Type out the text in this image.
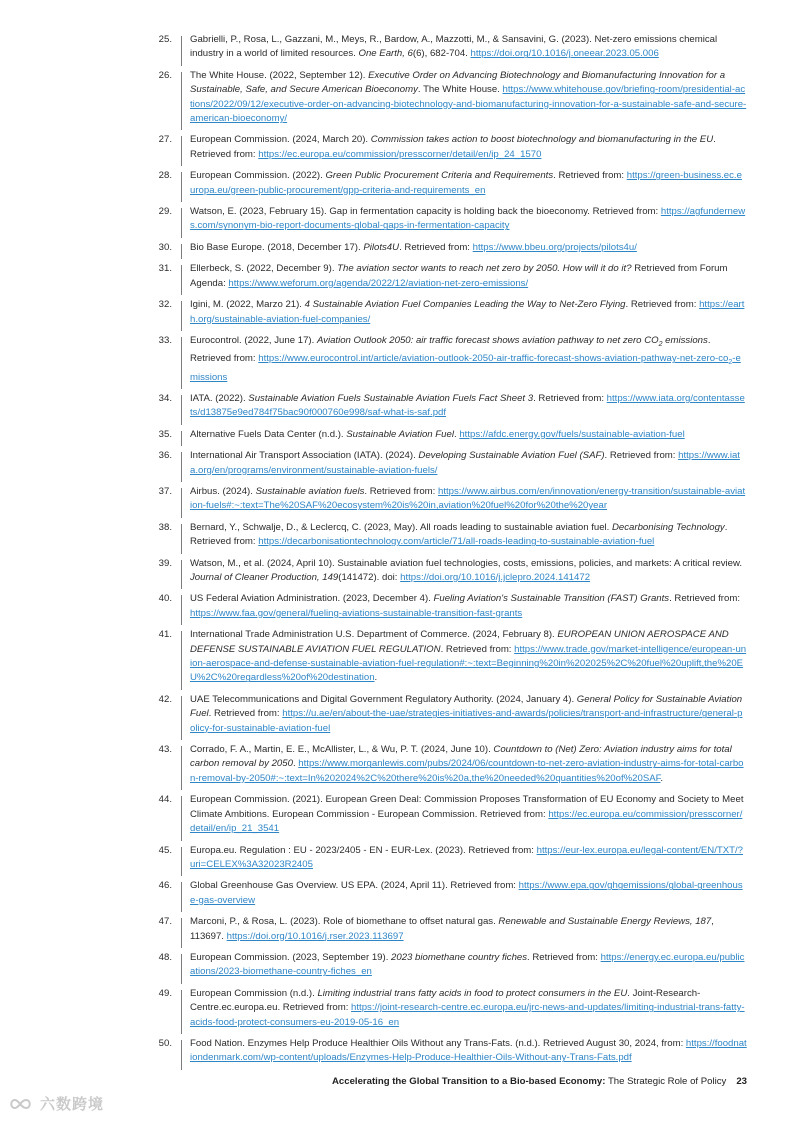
25. Gabrielli, P., Rosa, L., Gazzani, M., Meys, R., Bardow, A., Mazzotti, M., & Sansavini, G. (2023). Net-zero emissions chemical industry in a world of limited resources. One Earth, 6(6), 682-704. https://doi.org/10.1016/j.oneear.2023.05.006
26. The White House. (2022, September 12). Executive Order on Advancing Biotechnology and Biomanufacturing Innovation for a Sustainable, Safe, and Secure American Bioeconomy. The White House. https://www.whitehouse.gov/briefing-room/presidential-actions/2022/09/12/executive-order-on-advancing-biotechnology-and-biomanufacturing-innovation-for-a-sustainable-safe-and-secure-american-bioeconomy/
27. European Commission. (2024, March 20). Commission takes action to boost biotechnology and biomanufacturing in the EU. Retrieved from: https://ec.europa.eu/commission/presscorner/detail/en/ip_24_1570
28. European Commission. (2022). Green Public Procurement Criteria and Requirements. Retrieved from: https://green-business.ec.europa.eu/green-public-procurement/gpp-criteria-and-requirements_en
29. Watson, E. (2023, February 15). Gap in fermentation capacity is holding back the bioeconomy. Retrieved from: https://agfundernews.com/synonym-bio-report-documents-global-gaps-in-fermentation-capacity
30. Bio Base Europe. (2018, December 17). Pilots4U. Retrieved from: https://www.bbeu.org/projects/pilots4u/
31. Ellerbeck, S. (2022, December 9). The aviation sector wants to reach net zero by 2050. How will it do it? Retrieved from Forum Agenda: https://www.weforum.org/agenda/2022/12/aviation-net-zero-emissions/
32. Igini, M. (2022, Marzo 21). 4 Sustainable Aviation Fuel Companies Leading the Way to Net-Zero Flying. Retrieved from: https://earth.org/sustainable-aviation-fuel-companies/
33. Eurocontrol. (2022, June 17). Aviation Outlook 2050: air traffic forecast shows aviation pathway to net zero $CO_2$ emissions. Retrieved from: $https://www.eurocontrol.int/article/aviation-outlook-2050-air-traffic-forecast-shows-aviation-pathway-net-zero-co_2$-emissions
34. IATA. (2022). Sustainable Aviation Fuels Sustainable Aviation Fuels Fact Sheet 3. Retrieved from: https://www.iata.org/contentassets/d13875e9ed784f75bac90f000760e998/saf-what-is-saf.pdf
35. Alternative Fuels Data Center (n.d.). Sustainable Aviation Fuel. https://afdc.energy.gov/fuels/sustainable-aviation-fuel
36. International Air Transport Association (IATA). (2024). Developing Sustainable Aviation Fuel (SAF). Retrieved from: https://www.iata.org/en/programs/environment/sustainable-aviation-fuels/
37. Airbus. (2024). Sustainable aviation fuels. Retrieved from: https://www.airbus.com/en/innovation/energy-transition/sustainable-aviation-fuels#:~:text=The%20SAF%20ecosystem%20is%20in,aviation%20fuel%20for%20the%20year
38. Bernard, Y., Schwalje, D., & Leclercq, C. (2023, May). All roads leading to sustainable aviation fuel. Decarbonising Technology. Retrieved from: https://decarbonisationtechnology.com/article/71/all-roads-leading-to-sustainable-aviation-fuel
39. Watson, M., et al. (2024, April 10). Sustainable aviation fuel technologies, costs, emissions, policies, and markets: A critical review. Journal of Cleaner Production, 149(141472). doi: https://doi.org/10.1016/j.jclepro.2024.141472
40. US Federal Aviation Administration. (2023, December 4). Fueling Aviation's Sustainable Transition (FAST) Grants. Retrieved from: https://www.faa.gov/general/fueling-aviations-sustainable-transition-fast-grants
41. International Trade Administration U.S. Department of Commerce. (2024, February 8). EUROPEAN UNION AEROSPACE AND DEFENSE SUSTAINABLE AVIATION FUEL REGULATION. Retrieved from: https://www.trade.gov/market-intelligence/european-union-aerospace-and-defense-sustainable-aviation-fuel-regulation#:~:text=Beginning%20in%202025%2C%20fuel%20uplift,the%20EU%2C%20regardless%20of%20destination.
42. UAE Telecommunications and Digital Government Regulatory Authority. (2024, January 4). General Policy for Sustainable Aviation Fuel. Retrieved from: https://u.ae/en/about-the-uae/strategies-initiatives-and-awards/policies/transport-and-infrastructure/general-policy-for-sustainable-aviation-fuel
43. Corrado, F. A., Martin, E. E., McAllister, L., & Wu, P. T. (2024, June 10). Countdown to (Net) Zero: Aviation industry aims for total carbon removal by 2050. https://www.morganlewis.com/pubs/2024/06/countdown-to-net-zero-aviation-industry-aims-for-total-carbon-removal-by-2050#:~:text=In%202024%2C%20there%20is%20a,the%20needed%20quantities%20of%20SAF.
44. European Commission. (2021). European Green Deal: Commission Proposes Transformation of EU Economy and Society to Meet Climate Ambitions. European Commission - European Commission. Retrieved from: https://ec.europa.eu/commission/presscorner/detail/en/ip_21_3541
45. Europa.eu. Regulation : EU - 2023/2405 - EN - EUR-Lex. (2023). Retrieved from: https://eur-lex.europa.eu/legal-content/EN/TXT/?uri=CELEX%3A32023R2405
46. Global Greenhouse Gas Overview. US EPA. (2024, April 11). Retrieved from: https://www.epa.gov/ghgemissions/global-greenhouse-gas-overview
47. Marconi, P., & Rosa, L. (2023). Role of biomethane to offset natural gas. Renewable and Sustainable Energy Reviews, 187, 113697. https://doi.org/10.1016/j.rser.2023.113697
48. European Commission. (2023, September 19). 2023 biomethane country fiches. Retrieved from: https://energy.ec.europa.eu/publications/2023-biomethane-country-fiches_en
49. European Commission (n.d.). Limiting industrial trans fatty acids in food to protect consumers in the EU. Joint-Research-Centre.ec.europa.eu. Retrieved from: https://joint-research-centre.ec.europa.eu/jrc-news-and-updates/limiting-industrial-trans-fatty-acids-food-protect-consumers-eu-2019-05-16_en
50. Food Nation. Enzymes Help Produce Healthier Oils Without any Trans-Fats. (n.d.). Retrieved August 30, 2024, from: https://foodnationdenmark.com/wp-content/uploads/Enzymes-Help-Produce-Healthier-Oils-Without-any-Trans-Fats.pdf
Accelerating the Global Transition to a Bio-based Economy: The Strategic Role of Policy 23
六数跨境
